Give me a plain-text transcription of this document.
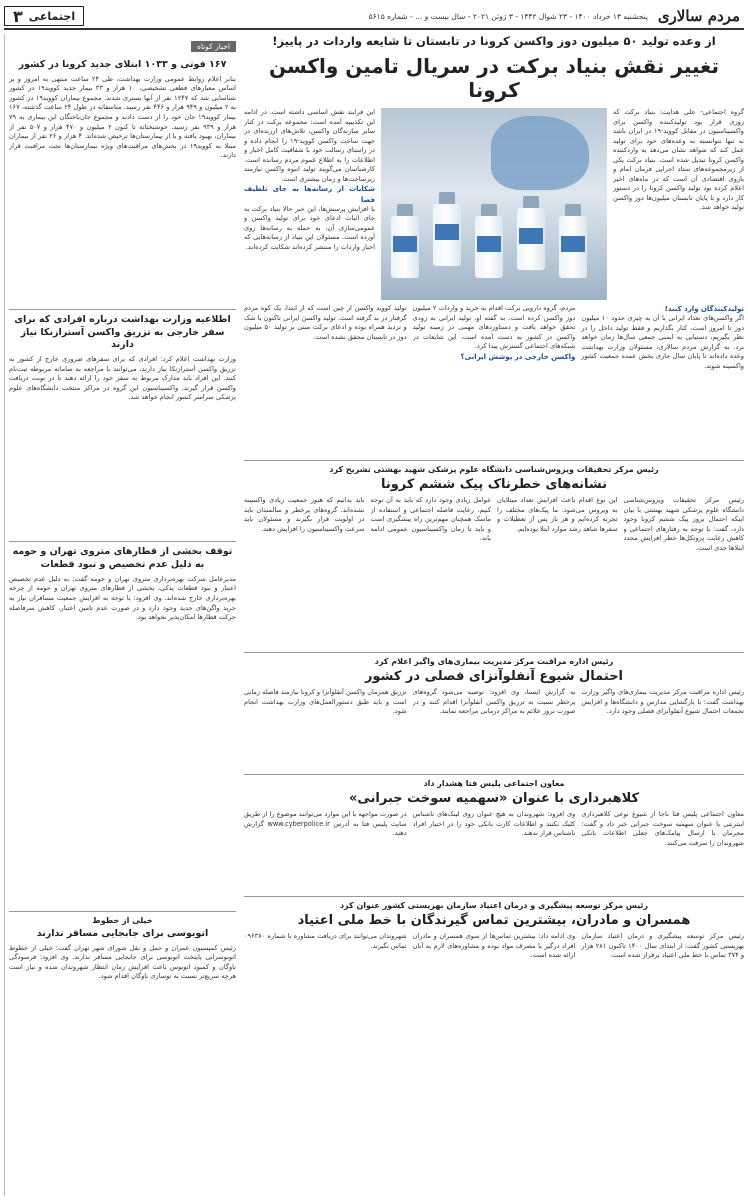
مردم سالاری
پنجشنبه ۱۳ خرداد ۱۴۰۰ - ۲۳ شوال ۱۴۴۲ - ۳ ژوئن ۲۰۲۱ - سال بیست و ... - شماره ۵۶۱۵
اجتماعی
۳
از وعده تولید ۵۰ میلیون دوز واکسن کرونا در تابستان تا شایعه واردات در پاییز!
تغییر نقش بنیاد برکت در سریال تامین واکسن کرونا
گروه اجتماعی- علی هدایت: بنیاد برکت که روزی قرار بود تولیدکننده واکسن برای واکسیناسیون در مقابل کووید-۱۹ در ایران باشد نه تنها نتوانسته به وعده‌های خود برای تولید عمل کند که شواهد نشان می‌دهد به واردکننده واکسن کرونا تبدیل شده است. بنیاد برکت یکی از زیرمجموعه‌های ستاد اجرایی فرمان امام و بازوی اقتصادی آن است که در ماه‌های اخیر اعلام کرده بود تولید واکسن کرونا را در دستور کار دارد و تا پایان تابستان میلیون‌ها دوز واکسن تولید خواهد شد.
این فرایند نقش اساسی داشته است. در ادامه این تکذیبیه آمده است: مجموعه برکت در کنار سایر سازندگان واکسن، تلاش‌های ارزنده‌ای در جهت ساخت واکسن کووید-۱۹ را انجام داده و در راستای رسالت خود با شفافیت کامل اخبار و اطلاعات را به اطلاع عموم مردم رسانده است. کارشناسان می‌گویند تولید انبوه واکسن نیازمند زیرساخت‌ها و زمان بیشتری است.
شکایات از رسانه‌ها به جای تلطیف فضا
با افزایش پرسش‌ها، این خبر حالا بنیاد برکت به جای اثبات ادعای خود برای تولید واکسن و عمومی‌سازی آن، به حمله به رسانه‌ها روی آورده است. مسئولان این بنیاد از رسانه‌هایی که اخبار واردات را منتشر کرده‌اند شکایت کرده‌اند.
تولیدکنندگان وارد کنند!
اگر واکسن‌های تعداد ایرانی با آن به چیزی حدود ۱۰ میلیون دوز تا امروز است، کنار بگذاریم و فقط تولید داخل را در نظر بگیریم، دستیابی به ایمنی جمعی سال‌ها زمان خواهد برد. به گزارش مردم سالاری، مسئولان وزارت بهداشت وعده داده‌اند تا پایان سال جاری بخش عمده جمعیت کشور واکسینه شوند.
مردم، گروه دارویی برکت اقدام به خرید و واردات ۲ میلیون دوز واکسن کرده است. به گفته او، تولید ایرانی به زودی تحقق خواهد یافت و دستاوردهای مهمی در زمینه تولید واکسن در کشور به دست آمده است. این شایعات در شبکه‌های اجتماعی گسترش پیدا کرد.
واکسن خارجی در پوشش ایرانی؟
تولید کووید واکسن از چین است که از ابتدا، یک کوه مردم گرفتار در بد گرفته است. تولید واکسن ایرانی تاکنون با شک و تردید همراه بوده و ادعای برکت مبنی بر تولید ۵۰ میلیون دوز در تابستان محقق نشده است.
رئیس مرکز تحقیقات ویروس‌شناسی دانشگاه علوم پزشکی شهید بهشتی تشریح کرد
نشانه‌های خطرناک پیک ششم کرونا
رئیس مرکز تحقیقات ویروس‌شناسی دانشگاه علوم پزشکی شهید بهشتی با بیان اینکه احتمال بروز پیک ششم کرونا وجود دارد، گفت: با توجه به رفتارهای اجتماعی و کاهش رعایت پروتکل‌ها خطر افزایش مجدد ابتلاها جدی است.
این نوع اقدام باعث افزایش تعداد مبتلایان به ویروس می‌شود. ما پیک‌های مختلف را تجربه کرده‌ایم و هر بار پس از تعطیلات و سفرها شاهد رشد موارد ابتلا بوده‌ایم.
عوامل زیادی وجود دارد که باید به آن توجه کنیم. رعایت فاصله اجتماعی و استفاده از ماسک همچنان مهم‌ترین راه پیشگیری است و باید تا زمان واکسیناسیون عمومی ادامه یابد.
باید بدانیم که هنوز جمعیت زیادی واکسینه نشده‌اند. گروه‌های پرخطر و سالمندان باید در اولویت قرار بگیرند و مسئولان باید سرعت واکسیناسیون را افزایش دهند.
رئیس اداره مراقبت مرکز مدیریت بیماری‌های واگیر اعلام کرد
احتمال شیوع آنفلوآنزای فصلی در کشور
رئیس اداره مراقبت مرکز مدیریت بیماری‌های واگیر وزارت بهداشت گفت: با بازگشایی مدارس و دانشگاه‌ها و افزایش تجمعات احتمال شیوع آنفلوآنزای فصلی وجود دارد.
به گزارش ایسنا، وی افزود: توصیه می‌شود گروه‌های پرخطر نسبت به تزریق واکسن آنفلوآنزا اقدام کنند و در صورت بروز علائم به مراکز درمانی مراجعه نمایند.
تزریق همزمان واکسن آنفلوآنزا و کرونا نیازمند فاصله زمانی است و باید طبق دستورالعمل‌های وزارت بهداشت انجام شود.
معاون اجتماعی پلیس فتا هشدار داد
کلاهبرداری با عنوان «سهمیه سوخت جبرانی»
معاون اجتماعی پلیس فتا ناجا از شیوع نوعی کلاهبرداری اینترنتی با عنوان سهمیه سوخت جبرانی خبر داد و گفت: مجرمان با ارسال پیامک‌های جعلی اطلاعات بانکی شهروندان را سرقت می‌کنند.
وی افزود: شهروندان به هیچ عنوان روی لینک‌های ناشناس کلیک نکنند و اطلاعات کارت بانکی خود را در اختیار افراد ناشناس قرار ندهند.
در صورت مواجهه با این موارد می‌توانند موضوع را از طریق سایت پلیس فتا به آدرس www.cyberpolice.ir گزارش دهند.
رئیس مرکز توسعه پیشگیری و درمان اعتیاد سازمان بهزیستی کشور عنوان کرد
همسران و مادران، بیشترین تماس گیرندگان با خط ملی اعتیاد
رئیس مرکز توسعه پیشگیری و درمان اعتیاد سازمان بهزیستی کشور گفت: از ابتدای سال ۱۴۰۰ تاکنون ۲۸۱ هزار و ۳۷۴ تماس با خط ملی اعتیاد برقرار شده است.
وی ادامه داد: بیشترین تماس‌ها از سوی همسران و مادران افراد درگیر با مصرف مواد بوده و مشاوره‌های لازم به آنان ارائه شده است.
شهروندان می‌توانند برای دریافت مشاوره با شماره ۰۹۶۳۸۰ تماس بگیرند.
اخبار کوتاه
۱۶۷ فوتی و ۱۰۳۳ ابتلای جدید کرونا در کشور
بنابر اعلام روابط عمومی وزارت بهداشت، طی ۲۴ ساعت منتهی به امروز و بر اساس معیارهای قطعی تشخیصی، ۱۰ هزار و ۳۳ بیمار جدید کووید۱۹ در کشور شناسایی شد که ۱۲۴۷ نفر از آنها بستری شدند. مجموع بیماران کووید۱۹ در کشور به ۲ میلیون و ۹۴۹ هزار و ۴۴۶ نفر رسید. متاسفانه در طول ۲۴ ساعت گذشته، ۱۶۷ بیمار کووید۱۹ جان خود را از دست دادند و مجموع جان‌باختگان این بیماری به ۷۹ هزار و ۹۳۹ نفر رسید. خوشبختانه تا کنون ۲ میلیون و ۴۷۰ هزار و ۵۰۷ نفر از بیماران، بهبود یافته و یا از بیمارستان‌ها ترخیص شده‌اند. ۴ هزار و ۲۶ نفر از بیماران مبتلا به کووید۱۹ در بخش‌های مراقبت‌های ویژه بیمارستان‌ها تحت مراقبت قرار دارند.
اطلاعیه وزارت بهداشت درباره افرادی که برای سفر خارجی به تزریق واکسن آسترازنکا نیاز دارند
وزارت بهداشت اعلام کرد: افرادی که برای سفرهای ضروری خارج از کشور به تزریق واکسن آسترازنکا نیاز دارند، می‌توانند با مراجعه به سامانه مربوطه ثبت‌نام کنند. این افراد باید مدارک مربوط به سفر خود را ارائه دهند تا در نوبت دریافت واکسن قرار گیرند. واکسیناسیون این گروه در مراکز منتخب دانشگاه‌های علوم پزشکی سراسر کشور انجام خواهد شد.
توقف بخشی از قطارهای متروی تهران و حومه به دلیل عدم تخصیص و نبود قطعات
مدیرعامل شرکت بهره‌برداری متروی تهران و حومه گفت: به دلیل عدم تخصیص اعتبار و نبود قطعات یدکی، بخشی از قطارهای متروی تهران و حومه از چرخه بهره‌برداری خارج شده‌اند. وی افزود: با توجه به افزایش جمعیت مسافران نیاز به خرید واگن‌های جدید وجود دارد و در صورت عدم تامین اعتبار، کاهش سرفاصله حرکت قطارها امکان‌پذیر نخواهد بود.
خیلی از خطوط
اتوبوسی برای جابجایی مسافر ندارند
رئیس کمیسیون عمران و حمل و نقل شورای شهر تهران گفت: خیلی از خطوط اتوبوسرانی پایتخت اتوبوسی برای جابجایی مسافر ندارند. وی افزود: فرسودگی ناوگان و کمبود اتوبوس باعث افزایش زمان انتظار شهروندان شده و نیاز است هرچه سریع‌تر نسبت به نوسازی ناوگان اقدام شود.
